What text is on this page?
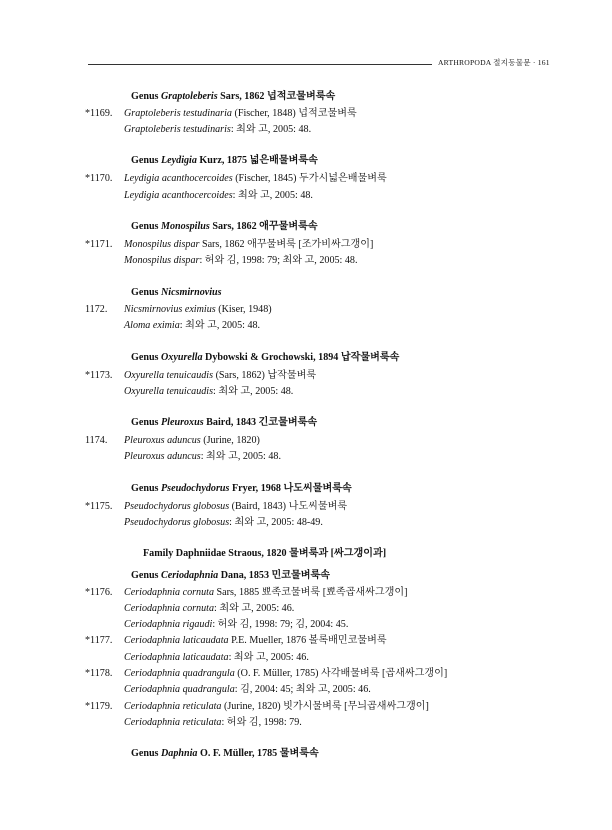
ARTHROPODA 절지동물문 · 161
Genus Graptoleberis Sars, 1862 넙적코물벼룩속
*1169.	Graptoleberis testudinaria (Fischer, 1848) 넙적코물벼룩
Graptoleberis testudinaris: 최와 고, 2005: 48.
Genus Leydigia Kurz, 1875 넓은배물벼룩속
*1170.	Leydigia acanthocercoides (Fischer, 1845) 두가시넓은배물벼룩
Leydigia acanthocercoides: 최와 고, 2005: 48.
Genus Monospilus Sars, 1862 애꾸물벼룩속
*1171.	Monospilus dispar Sars, 1862 애꾸물벼룩 [조가비싸그갱이]
Monospilus dispar: 허와 김, 1998: 79; 최와 고, 2005: 48.
Genus Nicsmirnovius
1172.	Nicsmirnovius eximius (Kiser, 1948)
Aloma eximia: 최와 고, 2005: 48.
Genus Oxyurella Dybowski & Grochowski, 1894 납작물벼룩속
*1173.	Oxyurella tenuicaudis (Sars, 1862) 납작물벼룩
Oxyurella tenuicaudis: 최와 고, 2005: 48.
Genus Pleuroxus Baird, 1843 긴코물벼룩속
1174.	Pleuroxus aduncus (Jurine, 1820)
Pleuroxus aduncus: 최와 고, 2005: 48.
Genus Pseudochydorus Fryer, 1968 나도씨물벼룩속
*1175.	Pseudochydorus globosus (Baird, 1843) 나도씨물벼룩
Pseudochydorus globosus: 최와 고, 2005: 48-49.
Family Daphniidae Straous, 1820 물벼룩과 [싸그갱이과]
Genus Ceriodaphnia Dana, 1853 민코물벼룩속
*1176.	Ceriodaphnia cornuta Sars, 1885 뾰족코물벼룩 [뾰족곱새싸그갱이]
Ceriodaphnia cornuta: 최와 고, 2005: 46.
Ceriodaphnia rigaudi: 허와 김, 1998: 79; 김, 2004: 45.
*1177.	Ceriodaphnia laticaudata P.E. Mueller, 1876 볼록배민코물벼룩
Ceriodaphnia laticaudata: 최와 고, 2005: 46.
*1178.	Ceriodaphnia quadrangula (O. F. Müller, 1785) 사각배물벼룩 [곱새싸그갱이]
Ceriodaphnia quadrangula: 김, 2004: 45; 최와 고, 2005: 46.
*1179.	Ceriodaphnia reticulata (Jurine, 1820) 빗가시물벼룩 [무늬곱새싸그갱이]
Ceriodaphnia reticulata: 허와 김, 1998: 79.
Genus Daphnia O. F. Müller, 1785 물벼룩속
